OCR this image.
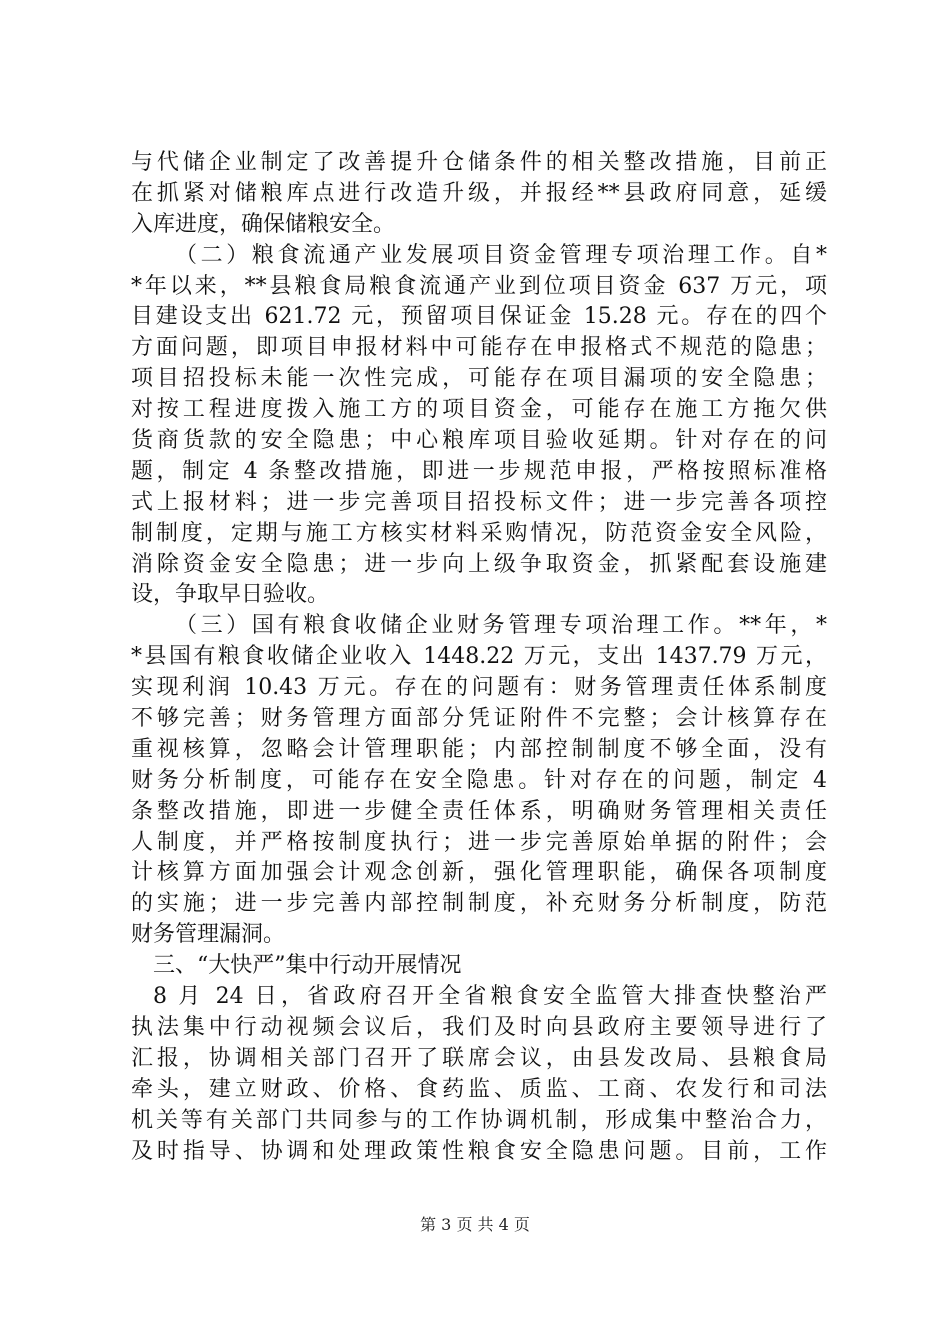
与代储企业制定了改善提升仓储条件的相关整改措施，目前正
在抓紧对储粮库点进行改造升级，并报经**县政府同意，延缓
入库进度，确保储粮安全。
（二）粮食流通产业发展项目资金管理专项治理工作。自*
*年以来，**县粮食局粮食流通产业到位项目资金 637 万元，项
目建设支出 621.72 元，预留项目保证金 15.28 元。存在的四个
方面问题，即项目申报材料中可能存在申报格式不规范的隐患；
项目招投标未能一次性完成，可能存在项目漏项的安全隐患；
对按工程进度拨入施工方的项目资金，可能存在施工方拖欠供
货商货款的安全隐患；中心粮库项目验收延期。针对存在的问
题，制定 4 条整改措施，即进一步规范申报，严格按照标准格
式上报材料；进一步完善项目招投标文件；进一步完善各项控
制制度，定期与施工方核实材料采购情况，防范资金安全风险，
消除资金安全隐患；进一步向上级争取资金，抓紧配套设施建
设，争取早日验收。
（三）国有粮食收储企业财务管理专项治理工作。**年，*
*县国有粮食收储企业收入 1448.22 万元，支出 1437.79 万元，
实现利润 10.43 万元。存在的问题有：财务管理责任体系制度
不够完善；财务管理方面部分凭证附件不完整；会计核算存在
重视核算，忽略会计管理职能；内部控制制度不够全面，没有
财务分析制度，可能存在安全隐患。针对存在的问题，制定 4
条整改措施，即进一步健全责任体系，明确财务管理相关责任
人制度，并严格按制度执行；进一步完善原始单据的附件；会
计核算方面加强会计观念创新，强化管理职能，确保各项制度
的实施；进一步完善内部控制制度，补充财务分析制度，防范
财务管理漏洞。
三、“大快严”集中行动开展情况
8 月 24 日，省政府召开全省粮食安全监管大排查快整治严
执法集中行动视频会议后，我们及时向县政府主要领导进行了
汇报，协调相关部门召开了联席会议，由县发改局、县粮食局
牵头，建立财政、价格、食药监、质监、工商、农发行和司法
机关等有关部门共同参与的工作协调机制，形成集中整治合力，
及时指导、协调和处理政策性粮食安全隐患问题。目前，工作
第 3 页 共 4 页
